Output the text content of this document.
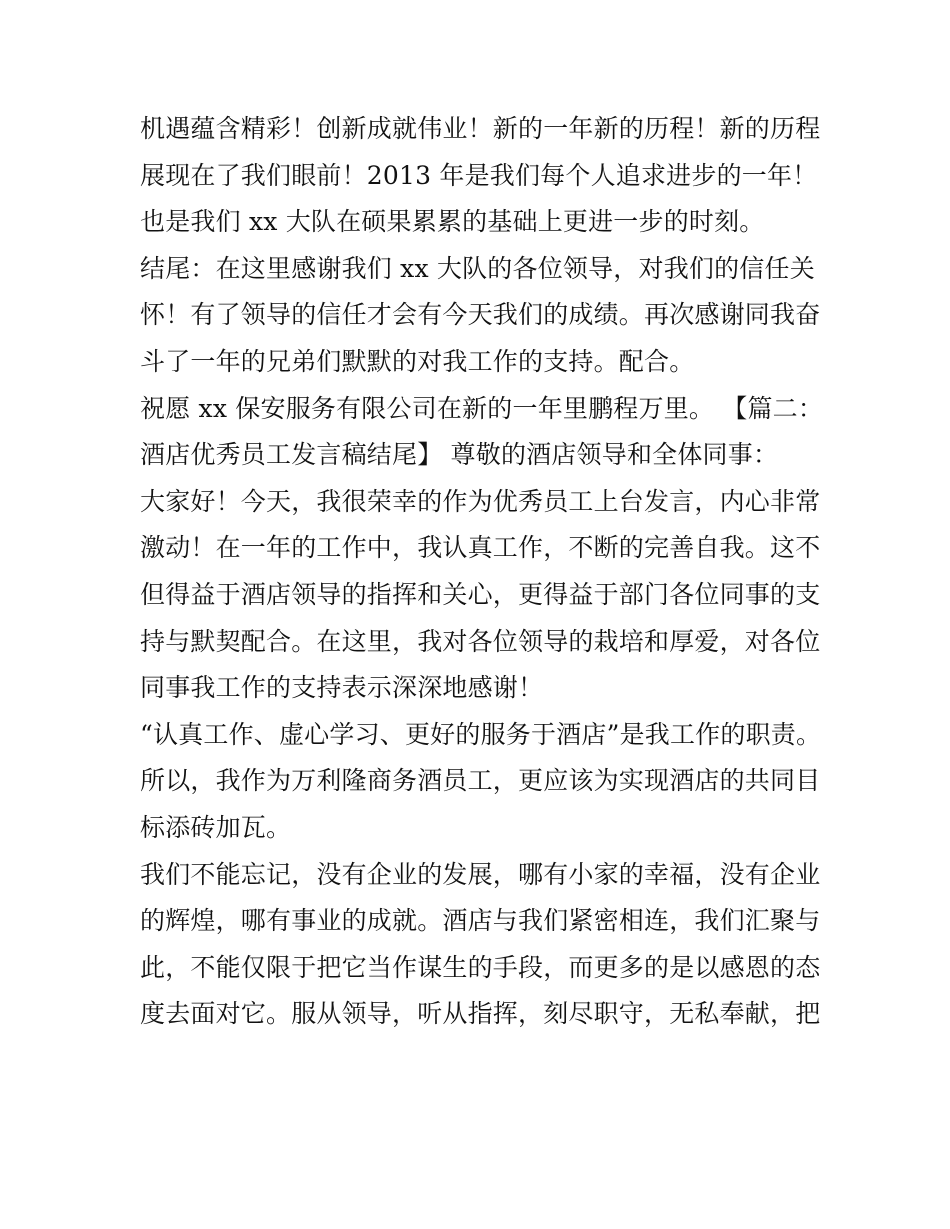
机遇蕴含精彩！创新成就伟业！新的一年新的历程！新的历程
展现在了我们眼前！2013 年是我们每个人追求进步的一年！
也是我们 xx 大队在硕果累累的基础上更进一步的时刻。
结尾：在这里感谢我们 xx 大队的各位领导，对我们的信任关
怀！有了领导的信任才会有今天我们的成绩。再次感谢同我奋
斗了一年的兄弟们默默的对我工作的支持。配合。
祝愿 xx 保安服务有限公司在新的一年里鹏程万里。 【篇二：
酒店优秀员工发言稿结尾】 尊敬的酒店领导和全体同事：
大家好！今天，我很荣幸的作为优秀员工上台发言，内心非常
激动！在一年的工作中，我认真工作，不断的完善自我。这不
但得益于酒店领导的指挥和关心，更得益于部门各位同事的支
持与默契配合。在这里，我对各位领导的栽培和厚爱，对各位
同事我工作的支持表示深深地感谢！
“认真工作、虚心学习、更好的服务于酒店”是我工作的职责。
所以，我作为万利隆商务酒员工，更应该为实现酒店的共同目
标添砖加瓦。
我们不能忘记，没有企业的发展，哪有小家的幸福，没有企业
的辉煌，哪有事业的成就。酒店与我们紧密相连，我们汇聚与
此，不能仅限于把它当作谋生的手段，而更多的是以感恩的态
度去面对它。服从领导，听从指挥，刻尽职守，无私奉献，把
